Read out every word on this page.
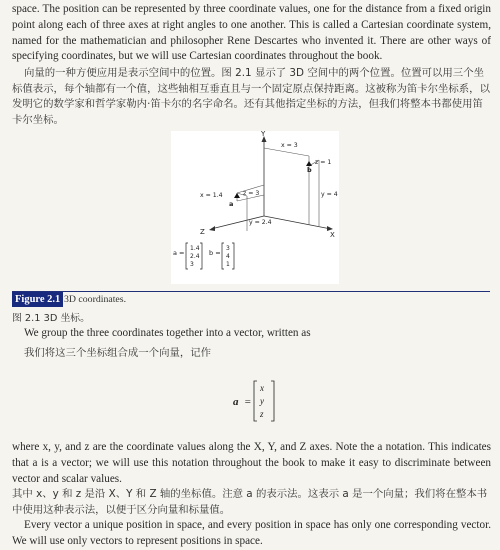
space. The position can be represented by three coordinate values, one for the distance from a fixed origin point along each of three axes at right angles to one another. This is called a Cartesian coordinate system, named for the mathematician and philosopher Rene Descartes who invented it. There are other ways of specifying coordinates, but we will use Cartesian coordinates throughout the book.

向量的一种方便应用是表示空间中的位置。图 2.1 显示了 3D 空间中的两个位置。位置可以用三个坐标值表示，每个轴都有一个值，这些轴相互垂直且与一个固定原点保持距离。这被称为笛卡尔坐标系，以发明它的数学家和哲学家勒内·笛卡尔的名字命名。还有其他指定坐标的方法，但我们将整本书都使用笛卡尔坐标。

Y
X
Z
x = 3
z = 1
b
x = 1.4	z = 3
a
y = 4
y = 2.4
a =
1.4
2.4
3
b =
3
4
1
Figure 2.1 3D coordinates.
图 2.1 3D 坐标。

We group the three coordinates together into a vector, written as

我们将这三个坐标组合成一个向量，记作

a =
x
y
z

where x, y, and z are the coordinate values along the X, Y, and Z axes. Note the a notation. This indicates that a is a vector; we will use this notation throughout the book to make it easy to discriminate between vector and scalar values.

其中 x、y 和 z 是沿 X、Y 和 Z 轴的坐标值。注意 a 的表示法。这表示 a 是一个向量；我们将在整本书中使用这种表示法，以便于区分向量和标量值。

Every vector a unique position in space, and every position in space has only one corresponding vector. We will use only vectors to represent positions in space.
